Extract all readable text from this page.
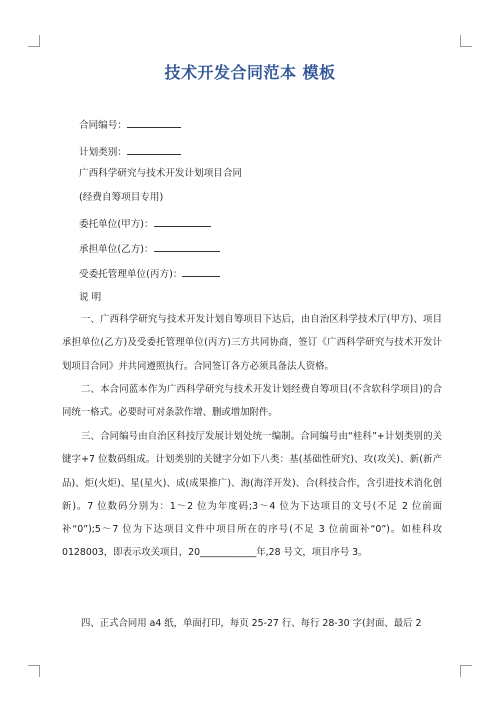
技术开发合同范本 模板
合同编号：
计划类别：
广西科学研究与技术开发计划项目合同
(经费自筹项目专用)
委托单位(甲方)：
承担单位(乙方)：
受委托管理单位(丙方)：
说 明
一、广西科学研究与技术开发计划自筹项目下达后，由自治区科学技术厅(甲方)、项目承担单位(乙方)及受委托管理单位(丙方)三方共同协商，签订《广西科学研究与技术开发计划项目合同》并共同遵照执行。合同签订各方必须具备法人资格。
二、本合同蓝本作为广西科学研究与技术开发计划经费自筹项目(不含软科学项目)的合同统一格式。必要时可对条款作增、删或增加附件。
三、合同编号由自治区科技厅发展计划处统一编制。合同编号由“桂科”+计划类别的关键字+7 位数码组成。计划类别的关键字分如下八类：基(基础性研究)、攻(攻关)、新(新产品)、炬(火炬)、星(星火)、成(成果推广)、海(海洋开发)、合(科技合作，含引进技术消化创新)。7 位数码分别为：1～2 位为年度码;3～4 位为下达项目的文号(不足 2 位前面补“0”);5～7 位为下达项目文件中项目所在的序号(不足 3 位前面补“0”)。如桂科攻 0128003，即表示攻关项目，20____________年,28 号文，项目序号 3。
四、正式合同用 a4 纸，单面打印，每页 25-27 行、每行 28-30 字(封面、最后 2
